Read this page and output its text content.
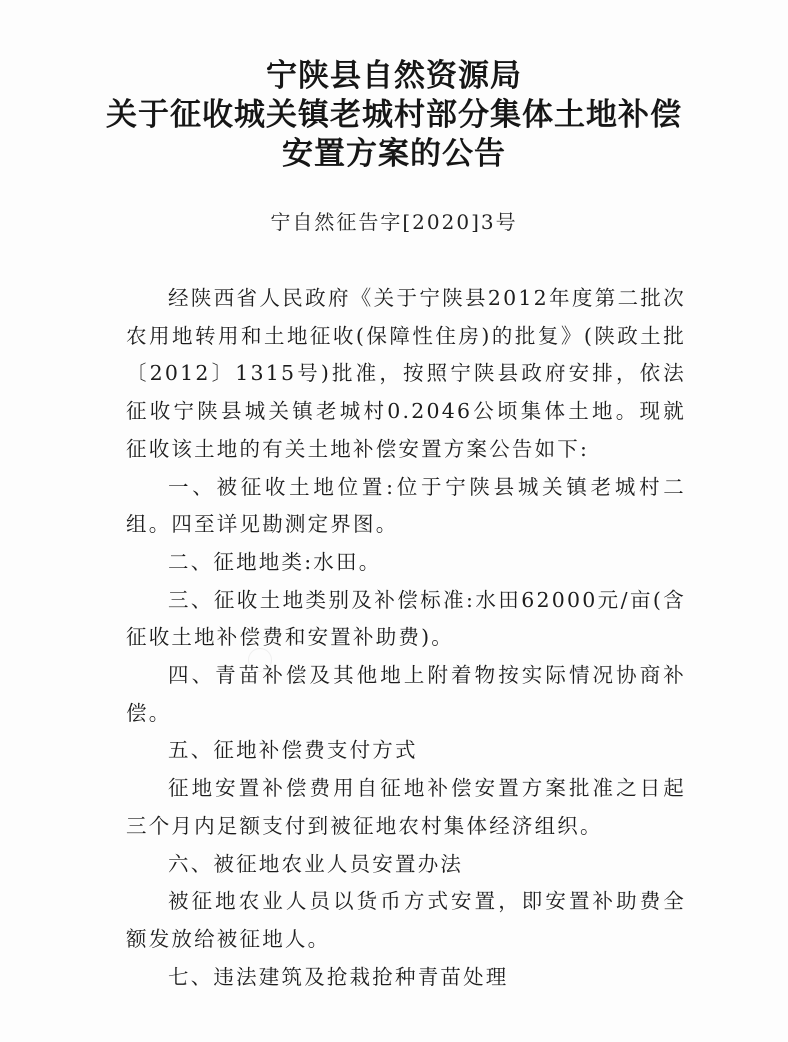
宁陕县自然资源局
关于征收城关镇老城村部分集体土地补偿
安置方案的公告
宁自然征告字[2020]3号

经陕西省人民政府《关于宁陕县2012年度第二批次农用地转用和土地征收(保障性住房)的批复》(陕政土批〔2012〕1315号)批准，按照宁陕县政府安排，依法征收宁陕县城关镇老城村0.2046公顷集体土地。现就征收该土地的有关土地补偿安置方案公告如下:

一、被征收土地位置:位于宁陕县城关镇老城村二组。四至详见勘测定界图。

二、征地地类:水田。

三、征收土地类别及补偿标准:水田62000元/亩(含征收土地补偿费和安置补助费)。

四、青苗补偿及其他地上附着物按实际情况协商补偿。

五、征地补偿费支付方式

征地安置补偿费用自征地补偿安置方案批准之日起三个月内足额支付到被征地农村集体经济组织。

六、被征地农业人员安置办法

被征地农业人员以货币方式安置，即安置补助费全额发放给被征地人。

七、违法建筑及抢栽抢种青苗处理
